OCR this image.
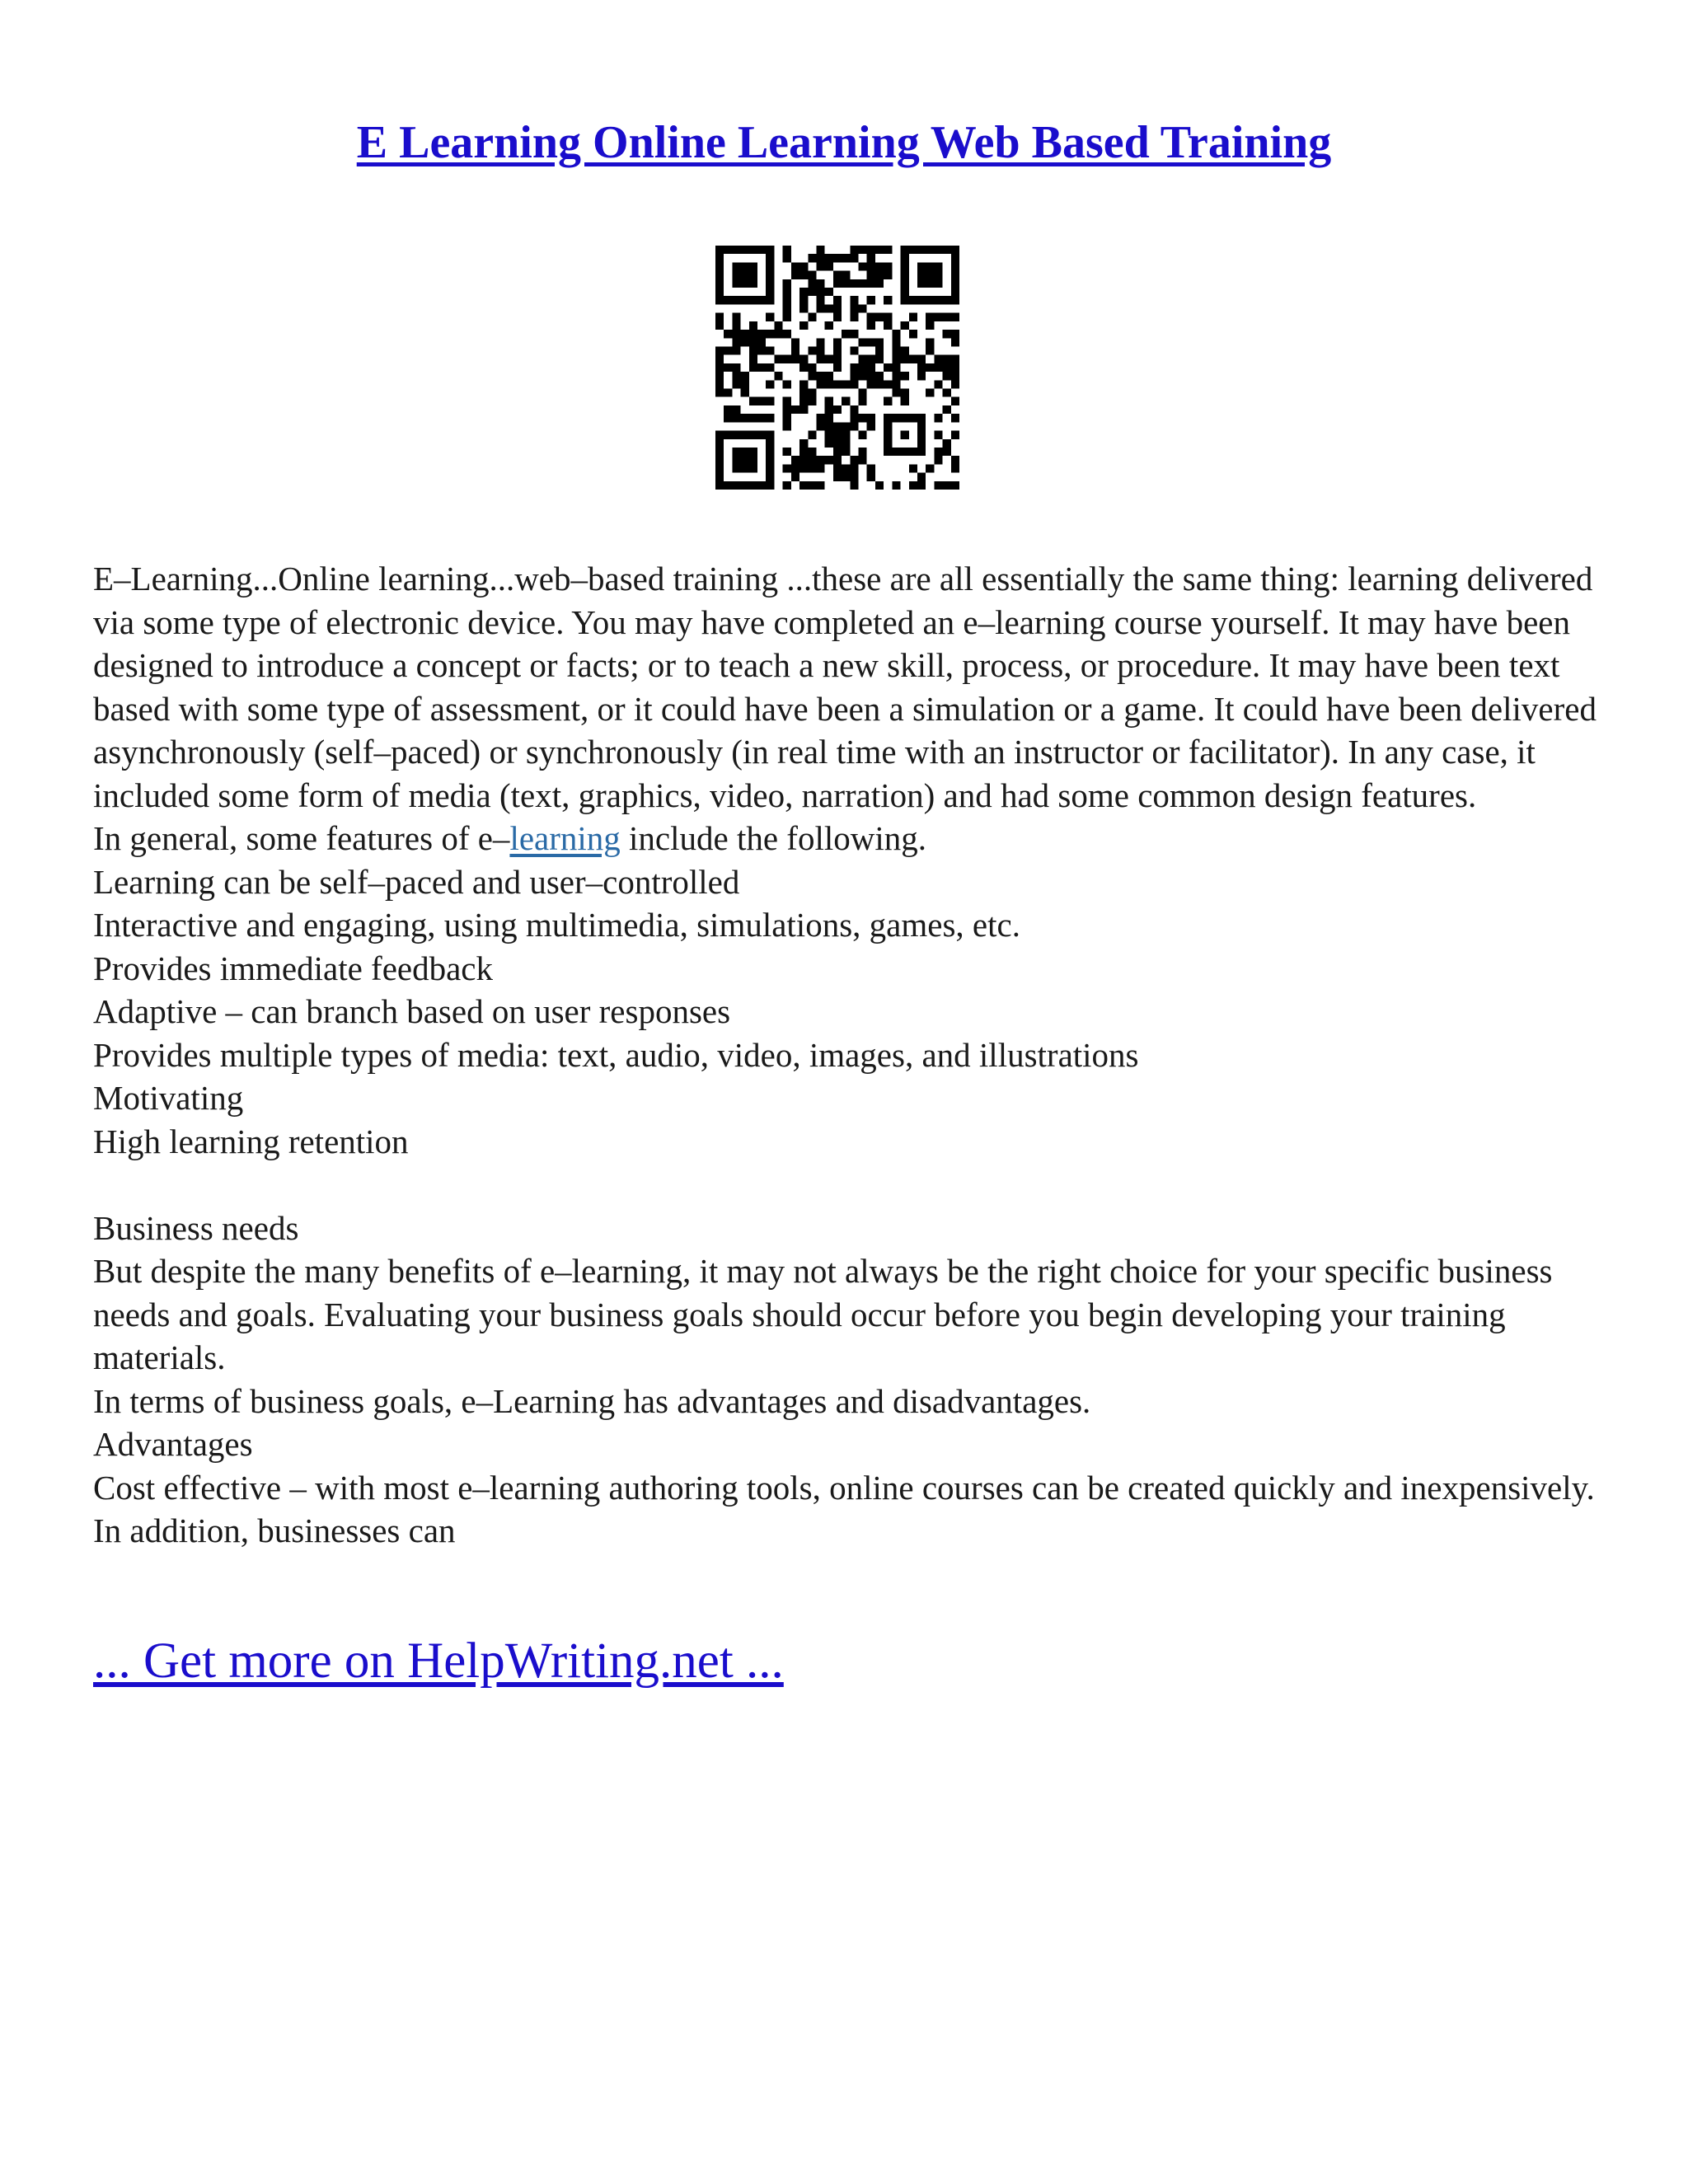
E Learning Online Learning Web Based Training

E–Learning...Online learning...web–based training ...these are all essentially the same thing: learning delivered via some type of electronic device. You may have completed an e–learning course yourself. It may have been designed to introduce a concept or facts; or to teach a new skill, process, or procedure. It may have been text based with some type of assessment, or it could have been a simulation or a game. It could have been delivered asynchronously (self–paced) or synchronously (in real time with an instructor or facilitator). In any case, it included some form of media (text, graphics, video, narration) and had some common design features.

In general, some features of e–learning include the following.

Learning can be self–paced and user–controlled

Interactive and engaging, using multimedia, simulations, games, etc.

Provides immediate feedback

Adaptive – can branch based on user responses

Provides multiple types of media: text, audio, video, images, and illustrations

Motivating

High learning retention

Business needs

But despite the many benefits of e–learning, it may not always be the right choice for your specific business needs and goals. Evaluating your business goals should occur before you begin developing your training materials.

In terms of business goals, e–Learning has advantages and disadvantages.

Advantages

Cost effective – with most e–learning authoring tools, online courses can be created quickly and inexpensively. In addition, businesses can

... Get more on HelpWriting.net ...
